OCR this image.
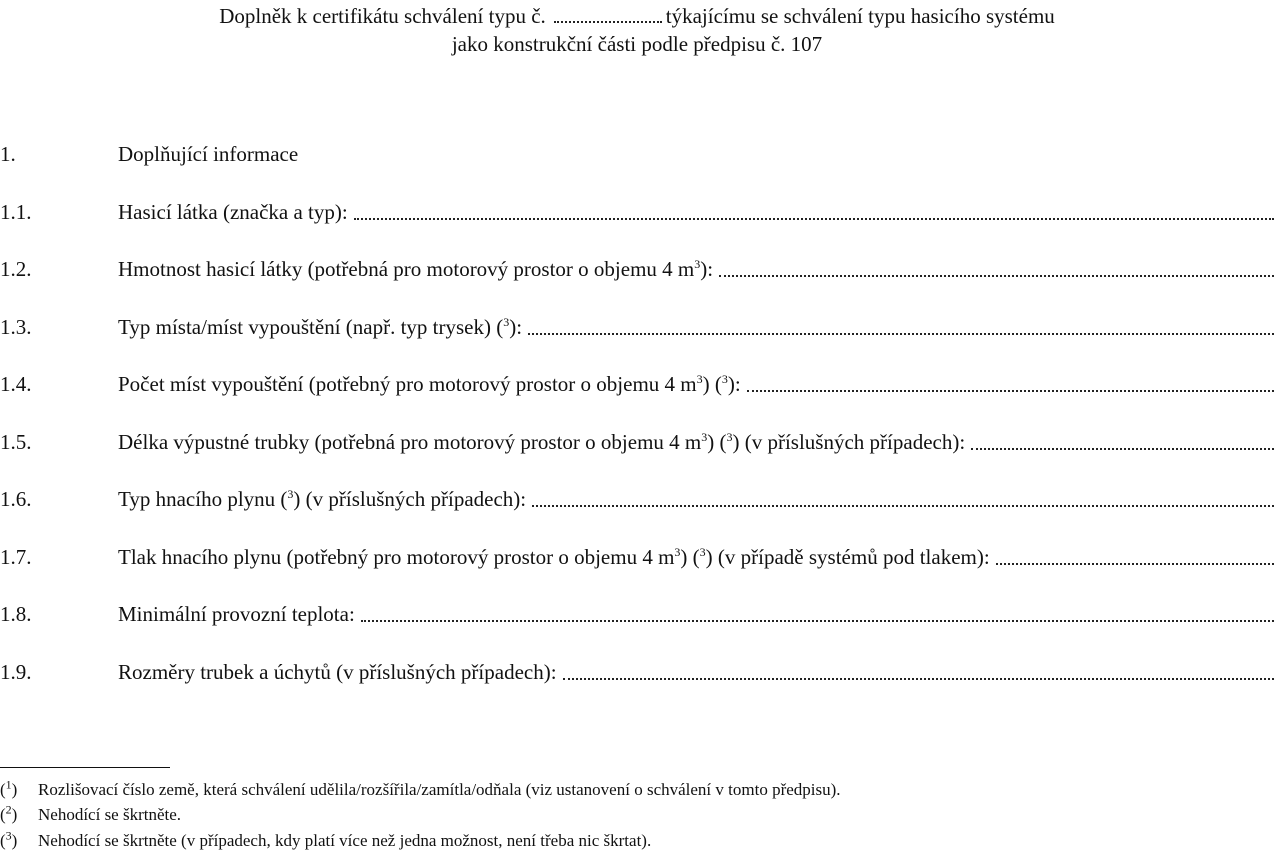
Doplněk k certifikátu schválení typu č.	týkajícímu se schválení typu hasicího systému
jako konstrukční části podle předpisu č. 107
1.	Doplňující informace
1.1.	Hasicí látka (značka a typ):
1.2.	Hmotnost hasicí látky (potřebná pro motorový prostor o objemu 4 $m^3$):
1.3.	Typ místa/míst vypouštění (např. typ trysek) ($^3$):
1.4.	Počet míst vypouštění (potřebný pro motorový prostor o objemu 4 $m^3$) ($^3$):
1.5.	Délka výpustné trubky (potřebná pro motorový prostor o objemu 4 $m^3$) ($^3$) (v příslušných případech):
1.6.	Typ hnacího plynu ($^3$) (v příslušných případech):
1.7.	Tlak hnacího plynu (potřebný pro motorový prostor o objemu 4 $m^3$) ($^3$) (v případě systémů pod tlakem):
1.8.	Minimální provozní teplota:
1.9.	Rozměry trubek a úchytů (v příslušných případech):
($^1$)	Rozlišovací číslo země, která schválení udělila/rozšířila/zamítla/odňala (viz ustanovení o schválení v tomto předpisu).
($^2$)	Nehodící se škrtněte.
($^3$)	Nehodící se škrtněte (v případech, kdy platí více než jedna možnost, není třeba nic škrtat).
